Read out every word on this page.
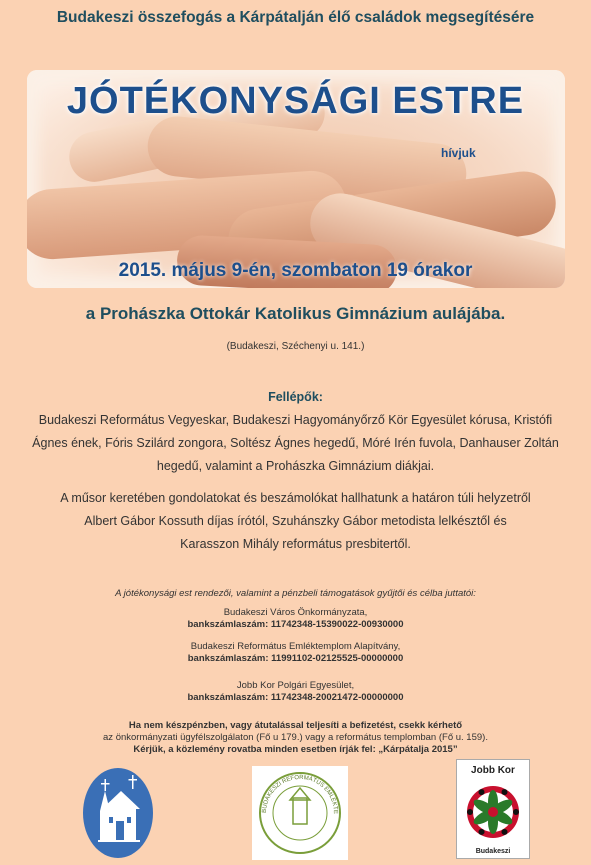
Budakeszi összefogás a Kárpátalján élő családok megsegítésére
JÓTÉKONYSÁGI ESTRE
hívjuk
2015. május 9-én, szombaton 19 órakor
a Prohászka Ottokár Katolikus Gimnázium aulájába.
(Budakeszi, Széchenyi u. 141.)
Fellépők:
Budakeszi Református Vegyeskar, Budakeszi Hagyományőrző Kör Egyesület kórusa, Kristófi
Ágnes ének, Fóris Szilárd zongora, Soltész Ágnes hegedű, Móré Irén fuvola, Danhauser Zoltán
hegedű, valamint a Prohászka Gimnázium diákjai.
A műsor keretében gondolatokat és beszámolókat hallhatunk a határon túli helyzetről
Albert Gábor Kossuth díjas írótól, Szuhánszky Gábor metodista lelkésztől és
Karasszon Mihály református presbitertől.
A jótékonysági est rendezői, valamint a pénzbeli támogatások gyűjtői és célba juttatói:
Budakeszi Város Önkormányzata,
bankszámlaszám: 11742348-15390022-00930000
Budakeszi Református Emléktemplom Alapítvány,
bankszámlaszám: 11991102-02125525-00000000
Jobb Kor Polgári Egyesület,
bankszámlaszám: 11742348-20021472-00000000
Ha nem készpénzben, vagy átutalással teljesíti a befizetést, csekk kérhető
az önkormányzati ügyfélszolgálaton (Fő u 179.) vagy a református templomban (Fő u. 159).
Kérjük, a közlemény rovatba minden esetben írják fel: „Kárpátalja 2015”
BUDAKESZI REFORMÁTUS EMLÉKTE
Jobb Kor
Budakeszi
